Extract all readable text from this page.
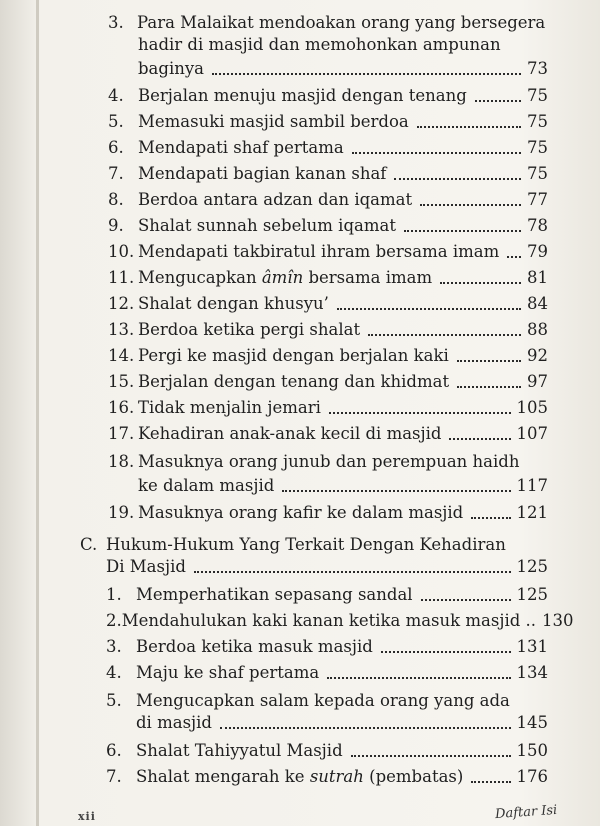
3. Para Malaikat mendoakan orang yang bersegera
hadir di masjid dan memohonkan ampunan
baginya	73
4. Berjalan menuju masjid dengan tenang	75
5. Memasuki masjid sambil berdoa	75
6. Mendapati shaf pertama	75
7. Mendapati bagian kanan shaf	75
8. Berdoa antara adzan dan iqamat	77
9. Shalat sunnah sebelum iqamat	78
10. Mendapati takbiratul ihram bersama imam 79
11. Mengucapkan âmîn bersama imam	81
12. Shalat dengan khusyu’	84
13. Berdoa ketika pergi shalat	88
14. Pergi ke masjid dengan berjalan kaki	92
15. Berjalan dengan tenang dan khidmat	97
16. Tidak menjalin jemari	105
17. Kehadiran anak-anak kecil di masjid	107
18. Masuknya orang junub dan perempuan haidh
ke dalam masjid	117
19. Masuknya orang kafir ke dalam masjid	121
C. Hukum-Hukum Yang Terkait Dengan Kehadiran
Di Masjid	125
1. Memperhatikan sepasang sandal	125
2. Mendahulukan kaki kanan ketika masuk masjid .. 130
3. Berdoa ketika masuk masjid	131
4. Maju ke shaf pertama	134
5. Mengucapkan salam kepada orang yang ada
di masjid	145
6. Shalat Tahiyyatul Masjid	150
7. Shalat mengarah ke sutrah (pembatas)	176
xii	Daftar Isi
